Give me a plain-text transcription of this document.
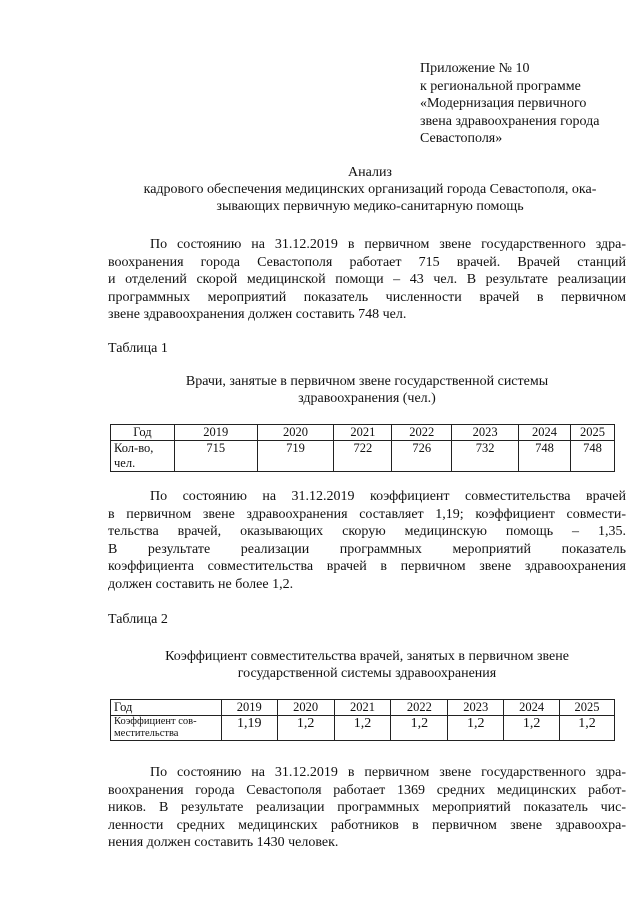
Приложение № 10
к региональной программе
«Модернизация первичного
звена здравоохранения города
Севастополя»
Анализ
кадрового обеспечения медицинских организаций города Севастополя, ока-
зывающих первичную медико-санитарную помощь
По состоянию на 31.12.2019 в первичном звене государственного здра-
воохранения города Севастополя работает 715 врачей. Врачей станций
и отделений скорой медицинской помощи – 43 чел. В результате реализации
программных мероприятий показатель численности врачей в первичном
звене здравоохранения должен составить 748 чел.
Таблица 1
Врачи, занятые в первичном звене государственной системы
здравоохранения (чел.)
Год	2019	2020	2021	2022	2023	2024	2025

Кол-во,
чел.	715	719	722	726	732	748	748
По состоянию на 31.12.2019 коэффициент совместительства врачей
в первичном звене здравоохранения составляет 1,19; коэффициент совмести-
тельства врачей, оказывающих скорую медицинскую помощь – 1,35.
В результате реализации программных мероприятий показатель
коэффициента совместительства врачей в первичном звене здравоохранения
должен составить не более 1,2.
Таблица 2
Коэффициент совместительства врачей, занятых в первичном звене
государственной системы здравоохранения
Год	2019	2020	2021	2022	2023	2024	2025

Коэффициент сов-
местительства	1,19	1,2	1,2	1,2	1,2	1,2	1,2
По состоянию на 31.12.2019 в первичном звене государственного здра-
воохранения города Севастополя работает 1369 средних медицинских работ-
ников. В результате реализации программных мероприятий показатель чис-
ленности средних медицинских работников в первичном звене здравоохра-
нения должен составить 1430 человек.
